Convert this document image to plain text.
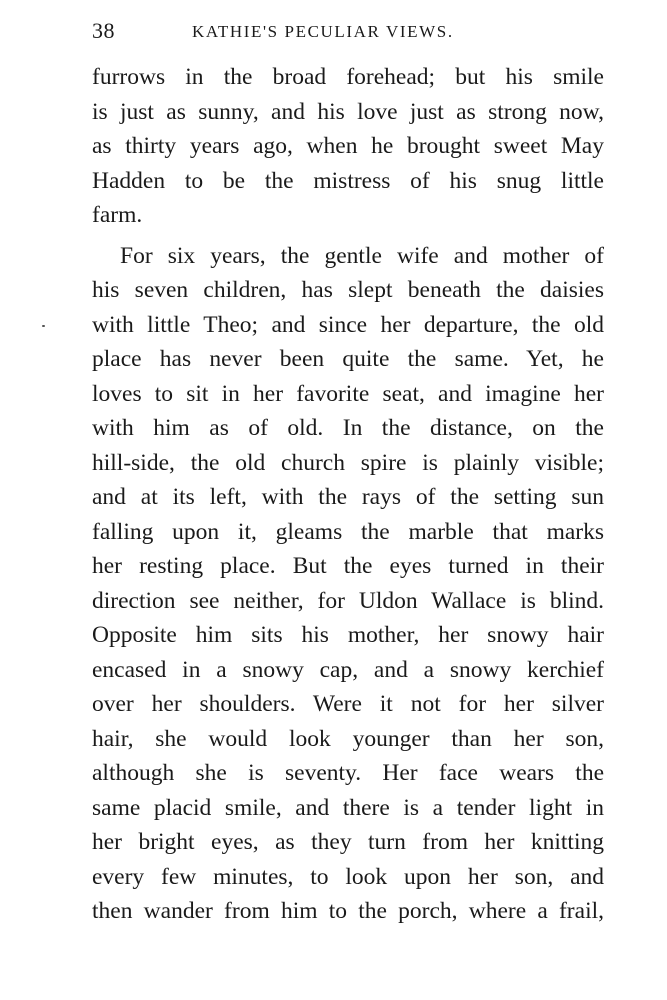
38	KATHIE'S PECULIAR VIEWS.
furrows in the broad forehead; but his smile
is just as sunny, and his love just as strong now,
as thirty years ago, when he brought sweet May
Hadden to be the mistress of his snug little
farm.
For six years, the gentle wife and mother of
his seven children, has slept beneath the daisies
with little Theo; and since her departure, the old
place has never been quite the same. Yet, he
loves to sit in her favorite seat, and imagine her
with him as of old. In the distance, on the
hill-side, the old church spire is plainly visible;
and at its left, with the rays of the setting sun
falling upon it, gleams the marble that marks
her resting place. But the eyes turned in their
direction see neither, for Uldon Wallace is blind.
Opposite him sits his mother, her snowy hair
encased in a snowy cap, and a snowy kerchief
over her shoulders. Were it not for her silver
hair, she would look younger than her son,
although she is seventy. Her face wears the
same placid smile, and there is a tender light in
her bright eyes, as they turn from her knitting
every few minutes, to look upon her son, and
then wander from him to the porch, where a frail,
